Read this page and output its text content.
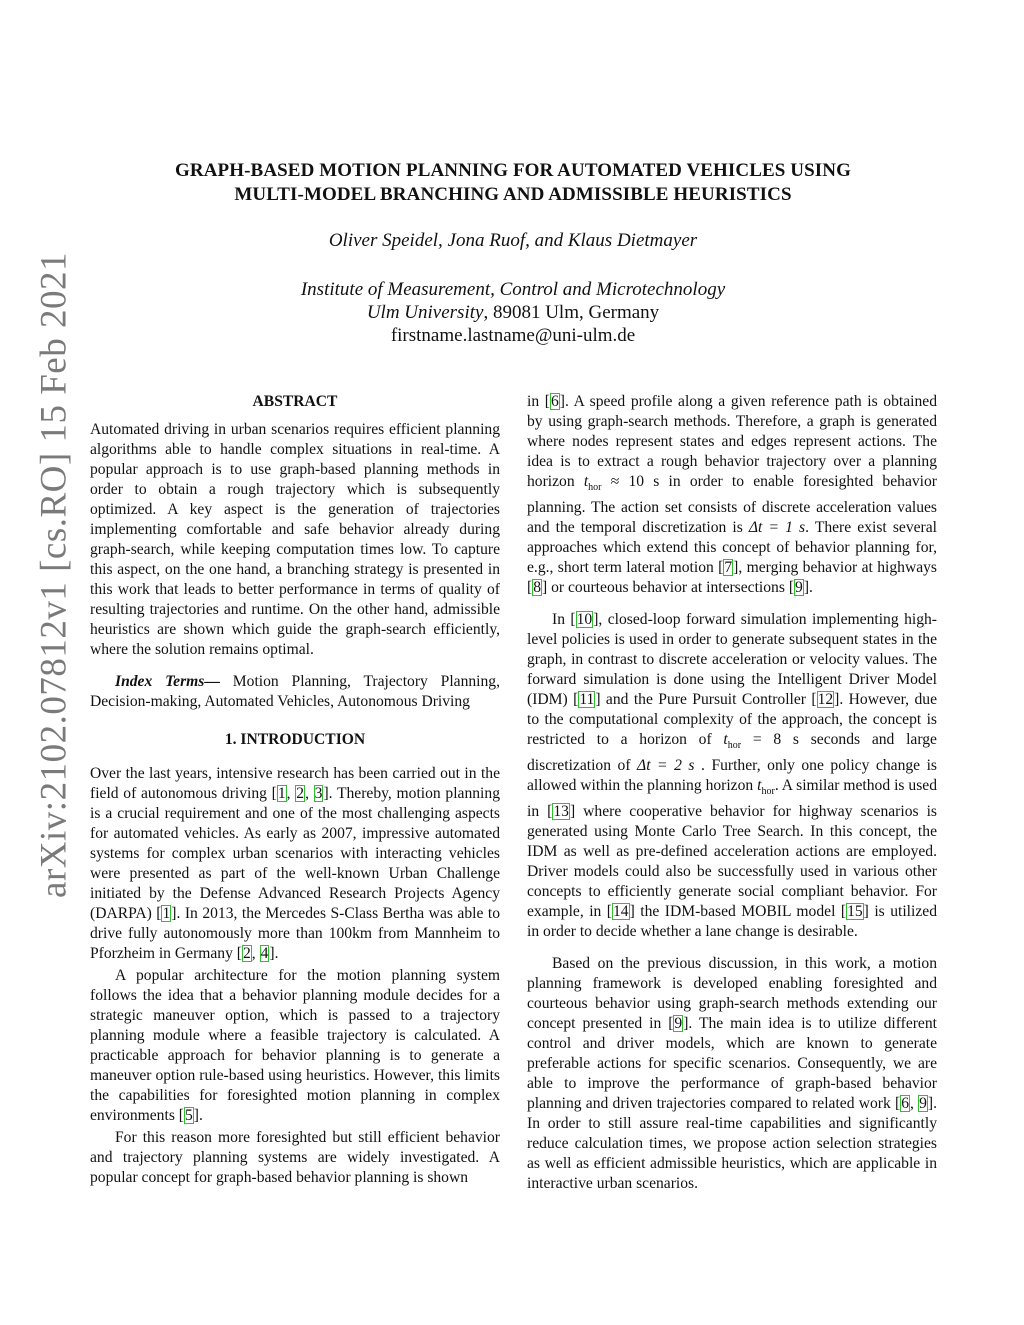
arXiv:2102.07812v1 [cs.RO] 15 Feb 2021
GRAPH-BASED MOTION PLANNING FOR AUTOMATED VEHICLES USING
MULTI-MODEL BRANCHING AND ADMISSIBLE HEURISTICS
Oliver Speidel, Jona Ruof, and Klaus Dietmayer
Institute of Measurement, Control and Microtechnology
Ulm University, 89081 Ulm, Germany
firstname.lastname@uni-ulm.de
ABSTRACT

Automated driving in urban scenarios requires efficient planning algorithms able to handle complex situations in real-time. A popular approach is to use graph-based planning methods in order to obtain a rough trajectory which is subsequently optimized. A key aspect is the generation of trajectories implementing comfortable and safe behavior already during graph-search, while keeping computation times low. To capture this aspect, on the one hand, a branching strategy is presented in this work that leads to better performance in terms of quality of resulting trajectories and runtime. On the other hand, admissible heuristics are shown which guide the graph-search efficiently, where the solution remains optimal.

Index Terms— Motion Planning, Trajectory Planning, Decision-making, Automated Vehicles, Autonomous Driving

1. INTRODUCTION

Over the last years, intensive research has been carried out in the field of autonomous driving [1, 2, 3]. Thereby, motion planning is a crucial requirement and one of the most challenging aspects for automated vehicles. As early as 2007, impressive automated systems for complex urban scenarios with interacting vehicles were presented as part of the well-known Urban Challenge initiated by the Defense Advanced Research Projects Agency (DARPA) [1]. In 2013, the Mercedes S-Class Bertha was able to drive fully autonomously more than 100km from Mannheim to Pforzheim in Germany [2, 4].

A popular architecture for the motion planning system follows the idea that a behavior planning module decides for a strategic maneuver option, which is passed to a trajectory planning module where a feasible trajectory is calculated. A practicable approach for behavior planning is to generate a maneuver option rule-based using heuristics. However, this limits the capabilities for foresighted motion planning in complex environments [5].

For this reason more foresighted but still efficient behavior and trajectory planning systems are widely investigated. A popular concept for graph-based behavior planning is shown

in [6]. A speed profile along a given reference path is obtained by using graph-search methods. Therefore, a graph is generated where nodes represent states and edges represent actions. The idea is to extract a rough behavior trajectory over a planning horizon $t_{hor} \approx 10$ s in order to enable foresighted behavior planning. The action set consists of discrete acceleration values and the temporal discretization is Δt = 1 s. There exist several approaches which extend this concept of behavior planning for, e.g., short term lateral motion [7], merging behavior at highways [8] or courteous behavior at intersections [9].

In [10], closed-loop forward simulation implementing high-level policies is used in order to generate subsequent states in the graph, in contrast to discrete acceleration or velocity values. The forward simulation is done using the Intelligent Driver Model (IDM) [11] and the Pure Pursuit Controller [12]. However, due to the computational complexity of the approach, the concept is restricted to a horizon of $t_{hor} = 8$ s seconds and large discretization of Δt = 2 s . Further, only one policy change is allowed within the planning horizon $t_{hor}$. A similar method is used in [13] where cooperative behavior for highway scenarios is generated using Monte Carlo Tree Search. In this concept, the IDM as well as pre-defined acceleration actions are employed. Driver models could also be successfully used in various other concepts to efficiently generate social compliant behavior. For example, in [14] the IDM-based MOBIL model [15] is utilized in order to decide whether a lane change is desirable.

Based on the previous discussion, in this work, a motion planning framework is developed enabling foresighted and courteous behavior using graph-search methods extending our concept presented in [9]. The main idea is to utilize different control and driver models, which are known to generate preferable actions for specific scenarios. Consequently, we are able to improve the performance of graph-based behavior planning and driven trajectories compared to related work [6, 9]. In order to still assure real-time capabilities and significantly reduce calculation times, we propose action selection strategies as well as efficient admissible heuristics, which are applicable in interactive urban scenarios.
